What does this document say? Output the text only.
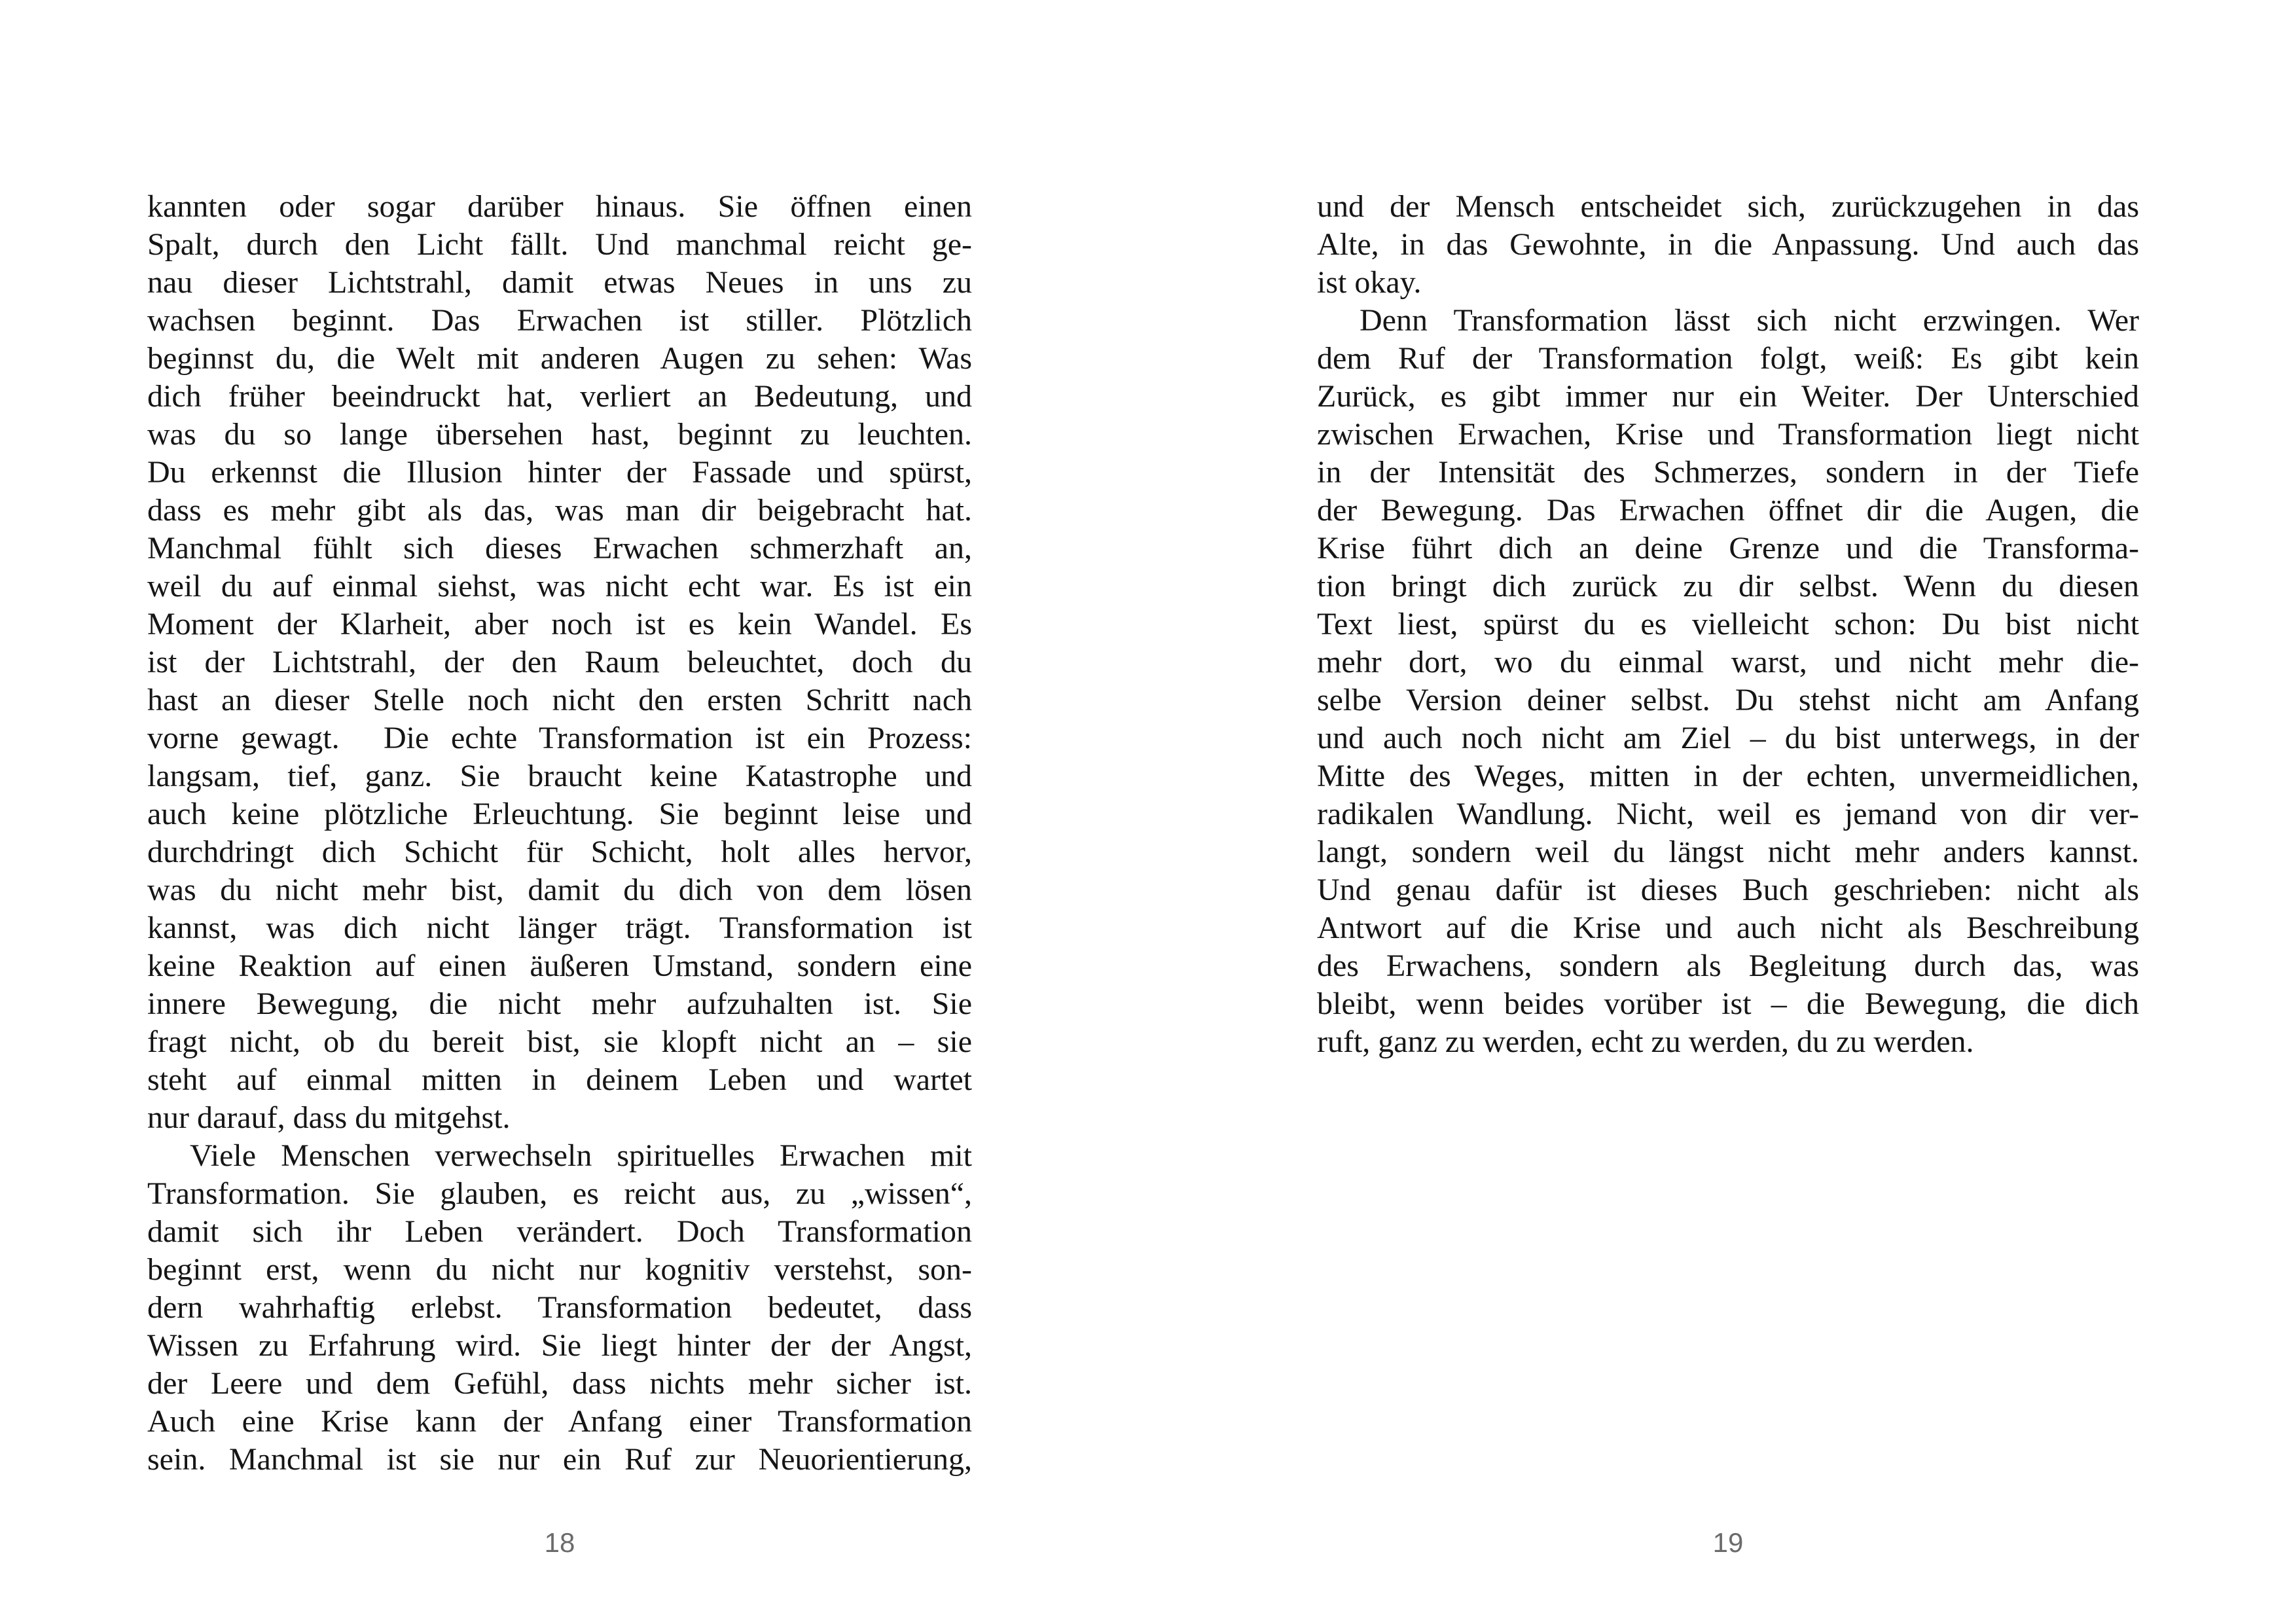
kannten oder sogar darüber hinaus. Sie öffnen einen
Spalt, durch den Licht fällt. Und manchmal reicht ge-
nau dieser Lichtstrahl, damit etwas Neues in uns zu
wachsen beginnt. Das Erwachen ist stiller. Plötzlich
beginnst du, die Welt mit anderen Augen zu sehen: Was
dich früher beeindruckt hat, verliert an Bedeutung, und
was du so lange übersehen hast, beginnt zu leuchten.
Du erkennst die Illusion hinter der Fassade und spürst,
dass es mehr gibt als das, was man dir beigebracht hat.
Manchmal fühlt sich dieses Erwachen schmerzhaft an,
weil du auf einmal siehst, was nicht echt war. Es ist ein
Moment der Klarheit, aber noch ist es kein Wandel. Es
ist der Lichtstrahl, der den Raum beleuchtet, doch du
hast an dieser Stelle noch nicht den ersten Schritt nach
vorne gewagt.  Die echte Transformation ist ein Prozess:
langsam, tief, ganz. Sie braucht keine Katastrophe und
auch keine plötzliche Erleuchtung. Sie beginnt leise und
durchdringt dich Schicht für Schicht, holt alles hervor,
was du nicht mehr bist, damit du dich von dem lösen
kannst, was dich nicht länger trägt. Transformation ist
keine Reaktion auf einen äußeren Umstand, sondern eine
innere Bewegung, die nicht mehr aufzuhalten ist. Sie
fragt nicht, ob du bereit bist, sie klopft nicht an – sie
steht auf einmal mitten in deinem Leben und wartet
nur darauf, dass du mitgehst.
Viele Menschen verwechseln spirituelles Erwachen mit
Transformation. Sie glauben, es reicht aus, zu „wissen“,
damit sich ihr Leben verändert. Doch Transformation
beginnt erst, wenn du nicht nur kognitiv verstehst, son-
dern wahrhaftig erlebst. Transformation bedeutet, dass
Wissen zu Erfahrung wird. Sie liegt hinter der der Angst,
der Leere und dem Gefühl, dass nichts mehr sicher ist.
Auch eine Krise kann der Anfang einer Transformation
sein. Manchmal ist sie nur ein Ruf zur Neuorientierung,
18
und der Mensch entscheidet sich, zurückzugehen in das
Alte, in das Gewohnte, in die Anpassung. Und auch das
ist okay.
Denn Transformation lässt sich nicht erzwingen. Wer
dem Ruf der Transformation folgt, weiß: Es gibt kein
Zurück, es gibt immer nur ein Weiter. Der Unterschied
zwischen Erwachen, Krise und Transformation liegt nicht
in der Intensität des Schmerzes, sondern in der Tiefe
der Bewegung. Das Erwachen öffnet dir die Augen, die
Krise führt dich an deine Grenze und die Transforma-
tion bringt dich zurück zu dir selbst. Wenn du diesen
Text liest, spürst du es vielleicht schon: Du bist nicht
mehr dort, wo du einmal warst, und nicht mehr die-
selbe Version deiner selbst. Du stehst nicht am Anfang
und auch noch nicht am Ziel – du bist unterwegs, in der
Mitte des Weges, mitten in der echten, unvermeidlichen,
radikalen Wandlung. Nicht, weil es jemand von dir ver-
langt, sondern weil du längst nicht mehr anders kannst.
Und genau dafür ist dieses Buch geschrieben: nicht als
Antwort auf die Krise und auch nicht als Beschreibung
des Erwachens, sondern als Begleitung durch das, was
bleibt, wenn beides vorüber ist – die Bewegung, die dich
ruft, ganz zu werden, echt zu werden, du zu werden.
19
